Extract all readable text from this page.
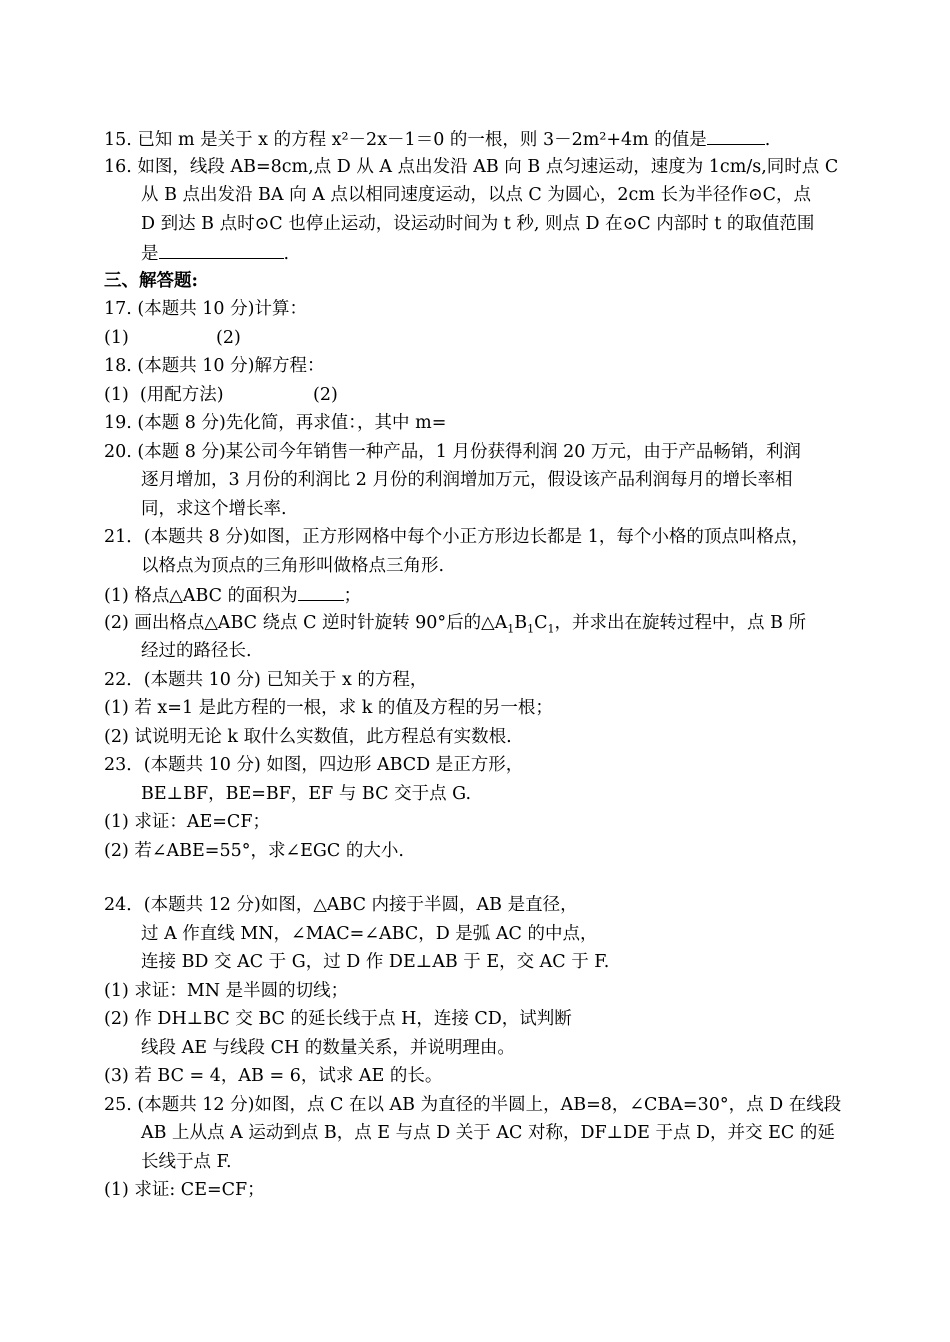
15. 已知 m 是关于 x 的方程 x²－2x－1＝0 的一根，则 3－2m²+4m 的值是	.
16. 如图，线段 AB=8cm,点 D 从 A 点出发沿 AB 向 B 点匀速运动，速度为 1cm/s,同时点 C
从 B 点出发沿 BA 向 A 点以相同速度运动，以点 C 为圆心，2cm 长为半径作⊙C，点
D 到达 B 点时⊙C 也停止运动，设运动时间为 t 秒, 则点 D 在⊙C 内部时 t 的取值范围
是	.
三、解答题:
17. (本题共 10 分)计算：
(1)	(2)
18. (本题共 10 分)解方程：
(1)  (用配方法)	(2)
19. (本题 8 分)先化简，再求值：，其中 m=
20. (本题 8 分)某公司今年销售一种产品，1 月份获得利润 20 万元，由于产品畅销，利润
逐月增加，3 月份的利润比 2 月份的利润增加万元，假设该产品利润每月的增长率相
同，求这个增长率.
21．(本题共 8 分)如图，正方形网格中每个小正方形边长都是 1，每个小格的顶点叫格点，
以格点为顶点的三角形叫做格点三角形.
(1) 格点△ABC 的面积为	；
(2) 画出格点△ABC 绕点 C 逆时针旋转 90°后的$\triangle A_1B_1C_1$，并求出在旋转过程中，点 B 所
经过的路径长.
22．(本题共 10 分) 已知关于 x 的方程，
(1) 若 x=1 是此方程的一根，求 k 的值及方程的另一根；
(2) 试说明无论 k 取什么实数值，此方程总有实数根.
23．(本题共 10 分) 如图，四边形 ABCD 是正方形，
BE⊥BF，BE=BF，EF 与 BC 交于点 G.
(1) 求证：AE=CF；
(2) 若∠ABE=55°，求∠EGC 的大小.
24．(本题共 12 分)如图，△ABC 内接于半圆，AB 是直径，
过 A 作直线 MN，∠MAC=∠ABC，D 是弧 AC 的中点，
连接 BD 交 AC 于 G，过 D 作 DE⊥AB 于 E，交 AC 于 F.
(1) 求证：MN 是半圆的切线；
(2) 作 DH⊥BC 交 BC 的延长线于点 H，连接 CD，试判断
线段 AE 与线段 CH 的数量关系，并说明理由。
(3) 若 BC = 4，AB = 6，试求 AE 的长。
25. (本题共 12 分)如图，点 C 在以 AB 为直径的半圆上，AB=8，∠CBA=30°，点 D 在线段
AB 上从点 A 运动到点 B，点 E 与点 D 关于 AC 对称，DF⊥DE 于点 D，并交 EC 的延
长线于点 F.
(1) 求证: CE=CF；
